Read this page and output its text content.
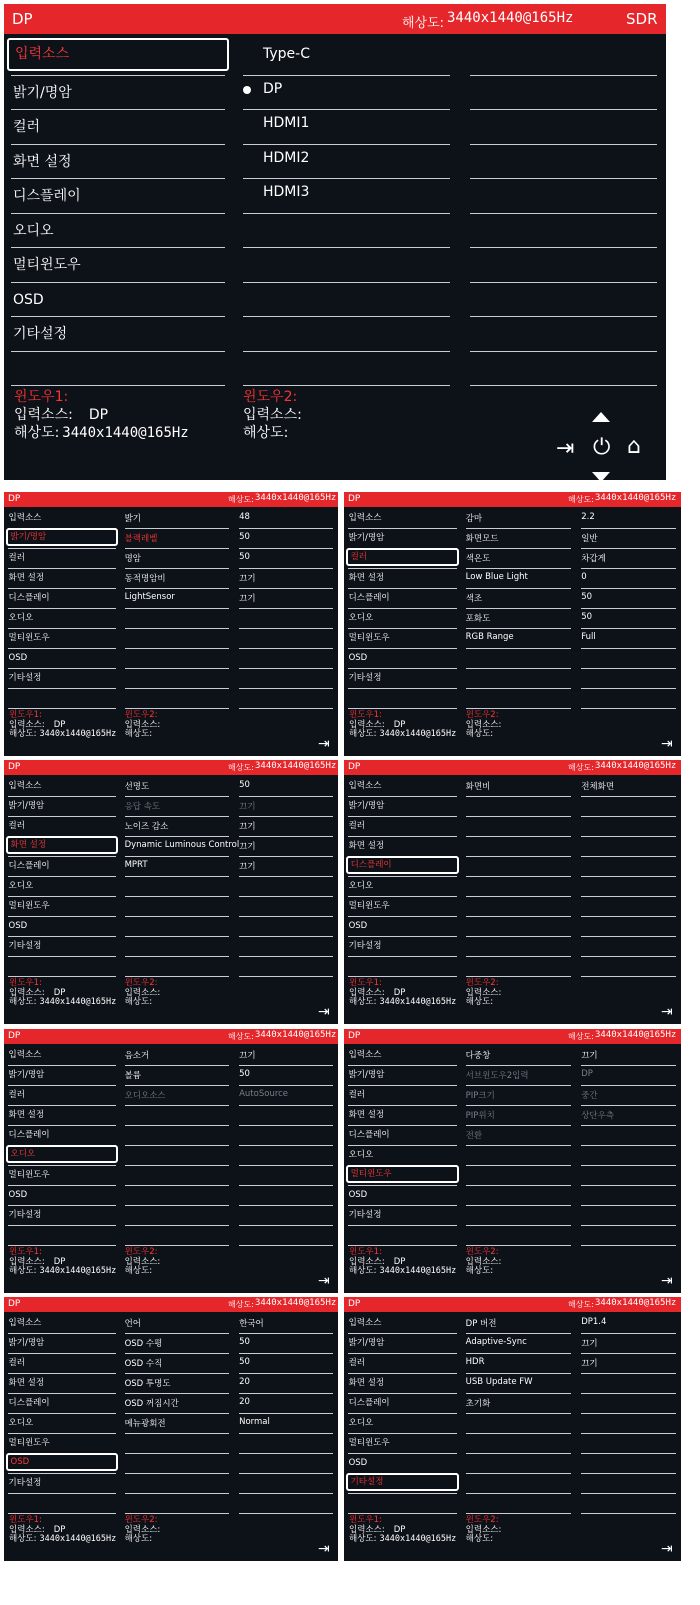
DP	해상도: 3440x1440@165Hz	SDR
입력소스
밝기/명암
컬러
화면 설정
디스플레이
오디오
멀티윈도우
OSD
기타설정
Type-C
DP
HDMI1
HDMI2
HDMI3
윈도우1:
입력소스: DP
해상도: 3440x1440@165Hz
윈도우2:
입력소스:
해상도:
⇥ ⏻ ⌂
DP	해상도: 3440x1440@165Hz
입력소스
밝기/명암
컬러
화면 설정
디스플레이
오디오
멀티윈도우
OSD
기타설정
밝기	48
블랙레벨	50
명암	50
동적명암비	끄기
LightSensor	끄기
윈도우1:
입력소스: DP
해상도: 3440x1440@165Hz
윈도우2:
입력소스:
해상도:
⇥
DP	해상도: 3440x1440@165Hz
입력소스
밝기/명암
컬러
화면 설정
디스플레이
오디오
멀티윈도우
OSD
기타설정
감마	2.2
화면모드	일반
색온도	차갑게
Low Blue Light	0
색조	50
포화도	50
RGB Range	Full
윈도우1:
입력소스: DP
해상도: 3440x1440@165Hz
윈도우2:
입력소스:
해상도:
⇥
DP	해상도: 3440x1440@165Hz
입력소스
밝기/명암
컬러
화면 설정
디스플레이
오디오
멀티윈도우
OSD
기타설정
선명도	50
응답 속도	끄기
노이즈 감소	끄기
Dynamic Luminous Control 끄기
MPRT	끄기
윈도우1:
입력소스: DP
해상도: 3440x1440@165Hz
윈도우2:
입력소스:
해상도:
⇥
DP	해상도: 3440x1440@165Hz
입력소스
밝기/명암
컬러
화면 설정
디스플레이
오디오
멀티윈도우
OSD
기타설정
화면비	전체화면
윈도우1:
입력소스: DP
해상도: 3440x1440@165Hz
윈도우2:
입력소스:
해상도:
⇥
DP	해상도: 3440x1440@165Hz
입력소스
밝기/명암
컬러
화면 설정
디스플레이
오디오
멀티윈도우
OSD
기타설정
음소거	끄기
볼륨	50
오디오소스	AutoSource
윈도우1:
입력소스: DP
해상도: 3440x1440@165Hz
윈도우2:
입력소스:
해상도:
⇥
DP	해상도: 3440x1440@165Hz
입력소스
밝기/명암
컬러
화면 설정
디스플레이
오디오
멀티윈도우
OSD
기타설정
다중창	끄기
서브윈도우2입력	DP
PIP크기	중간
PIP위치	상단우측
전환
윈도우1:
입력소스: DP
해상도: 3440x1440@165Hz
윈도우2:
입력소스:
해상도:
⇥
DP	해상도: 3440x1440@165Hz
입력소스
밝기/명암
컬러
화면 설정
디스플레이
오디오
멀티윈도우
OSD
기타설정
언어	한국어
OSD 수평	50
OSD 수직	50
OSD 투명도	20
OSD 꺼짐시간	20
메뉴광회전	Normal
윈도우1:
입력소스: DP
해상도: 3440x1440@165Hz
윈도우2:
입력소스:
해상도:
⇥
DP	해상도: 3440x1440@165Hz
입력소스
밝기/명암
컬러
화면 설정
디스플레이
오디오
멀티윈도우
OSD
기타설정
DP 버전	DP1.4
Adaptive-Sync	끄기
HDR	끄기
USB Update FW
초기화
윈도우1:
입력소스: DP
해상도: 3440x1440@165Hz
윈도우2:
입력소스:
해상도:
⇥
